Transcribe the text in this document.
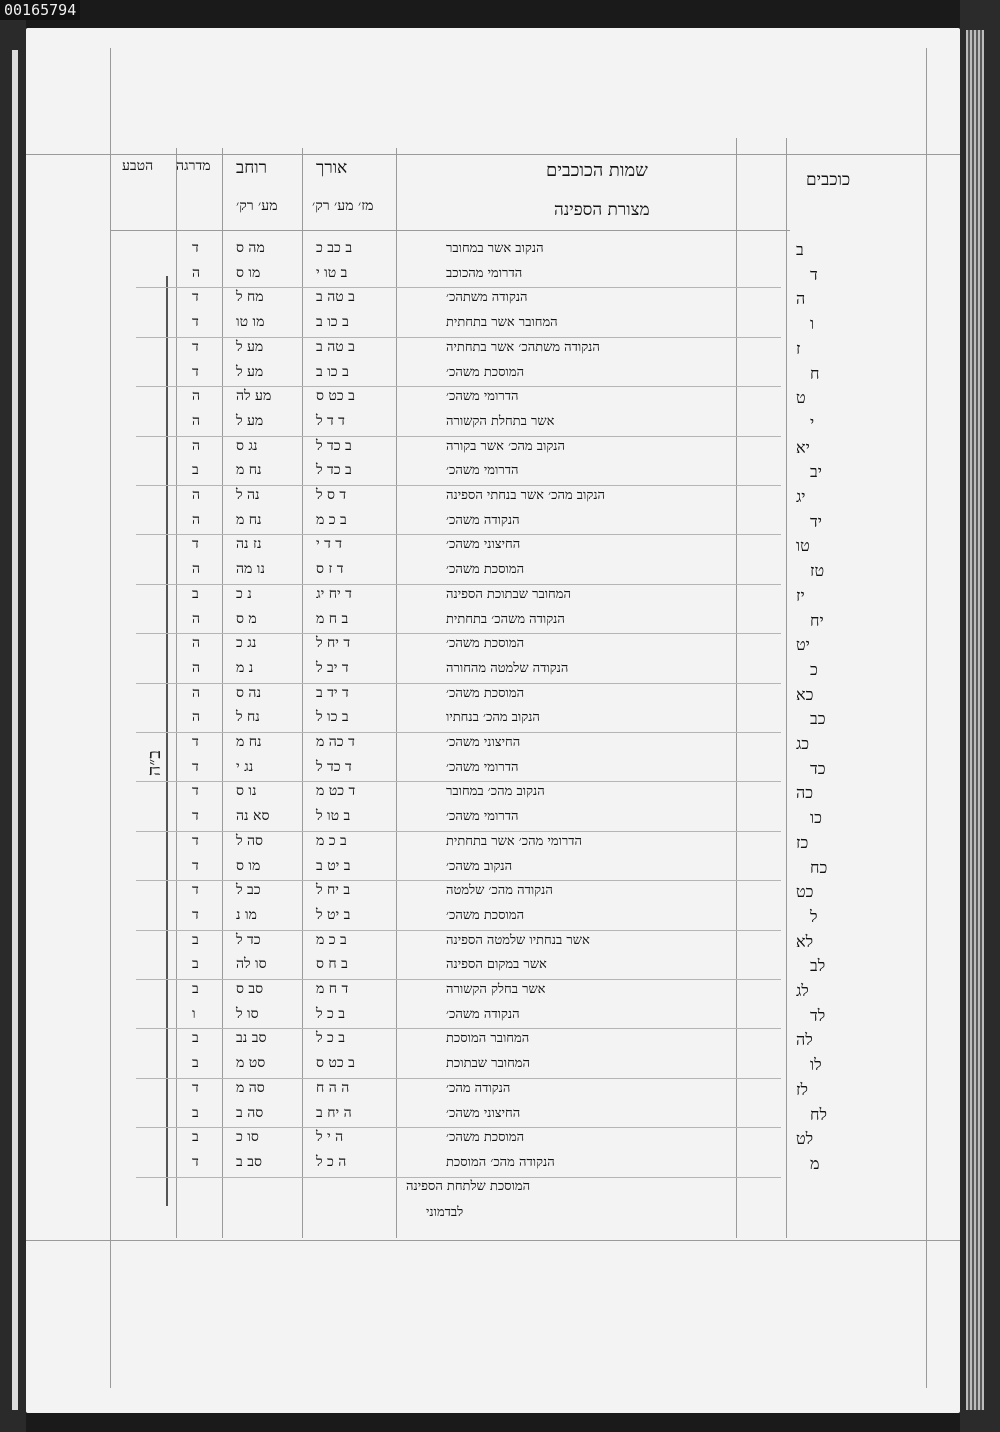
כוכבים
שמות הכוכבים
מצורת הספינה
אורך
מז׳ מע׳ רק׳
רוחב
מע׳ רק׳
מדרגה
הטבע
ב״ה
ב
הנקוב אשר במחובר
ב כב כ
מה ס
ד
ד
הדרומי מהכוכב
ב טו י
מו ס
ה
ה
הנקודה משתהכ׳
ב טה ב
מח ל
ד
ו
המחובר אשר בתחתית
ב כו ב
מו טו
ד
ז
הנקודה משתהכ׳ אשר בתחתיה
ב טה ב
מע ל
ד
ח
המוסכת משהכ׳
ב כו ב
מע ל
ד
ט
הדרומי משהכ׳
ב כט ס
מע לה
ה
י
אשר בתחלת הקשורה
ד ד ל
מע ל
ה
יא
הנקוב מהכ׳ אשר בקורה
ב כד ל
נג ס
ה
יב
הדרומי משהכ׳
ב כד ל
נח מ
ב
יג
הנקוב מהכ׳ אשר בנחתי הספינה
ד ס ל
נה ל
ה
יד
הנקודה משהכ׳
ב כ מ
נח מ
ה
טו
החיצוני משהכ׳
ד ד י
נז נה
ד
טז
המוסכת משהכ׳
ד ז ס
נו מה
ה
יז
המחובר שבתוכת הספינה
ד יח יג
נ כ
ב
יח
הנקודה משהכ׳ בתחתית
ב ח מ
מ ס
ה
יט
המוסכת משהכ׳
ד יח ל
נג כ
ה
כ
הנקודה שלמטה מהחורה
ד יב ל
נ מ
ה
כא
המוסכת משהכ׳
ד יד ב
נה ס
ה
כב
הנקוב מהכ׳ בנחתיו
ב כו ל
נח ל
ה
כג
החיצוני משהכ׳
ד כה מ
נח מ
ד
כד
הדרומי משהכ׳
ד כד ל
נג י
ד
כה
הנקוב מהכ׳ במחובר
ד כט מ
נו ס
ד
כו
הדרומי משהכ׳
ב טו ל
סא נה
ד
כז
הדרומי מהכ׳ אשר בתחתית
ב כ מ
סה ל
ד
כח
הנקוב משהכ׳
ב יט ב
מו ס
ד
כט
הנקודה מהכ׳ שלמטה
ב יח ל
כב ל
ד
ל
המוסכת משהכ׳
ב יט ל
מו נ
ד
לא
אשר בנחתיו שלמטה הספינה
ב כ מ
כד ל
ב
לב
אשר במקום הספינה
ב ח ס
סו לה
ב
לג
אשר בחלק הקשורה
ד ח מ
סב ס
ב
לד
הנקודה משהכ׳
ב כ ל
סו ל
ו
לה
המחובר המוסכת
ב כ ל
סב נב
ב
לו
המחובר שבתוכת
ב כט ס
סט מ
ב
לז
הנקודה מהכ׳
ה ה ח
סה מ
ד
לח
החיצוני משהכ׳
ה יח ב
סה ב
ב
לט
המוסכת משהכ׳
ה י ל
סו כ
ב
מ
הנקודה מהכ׳ המוסכת
ה כ ל
סב ב
ד
המוסכת שלתחת הספינה
לבדמוני
00165794
